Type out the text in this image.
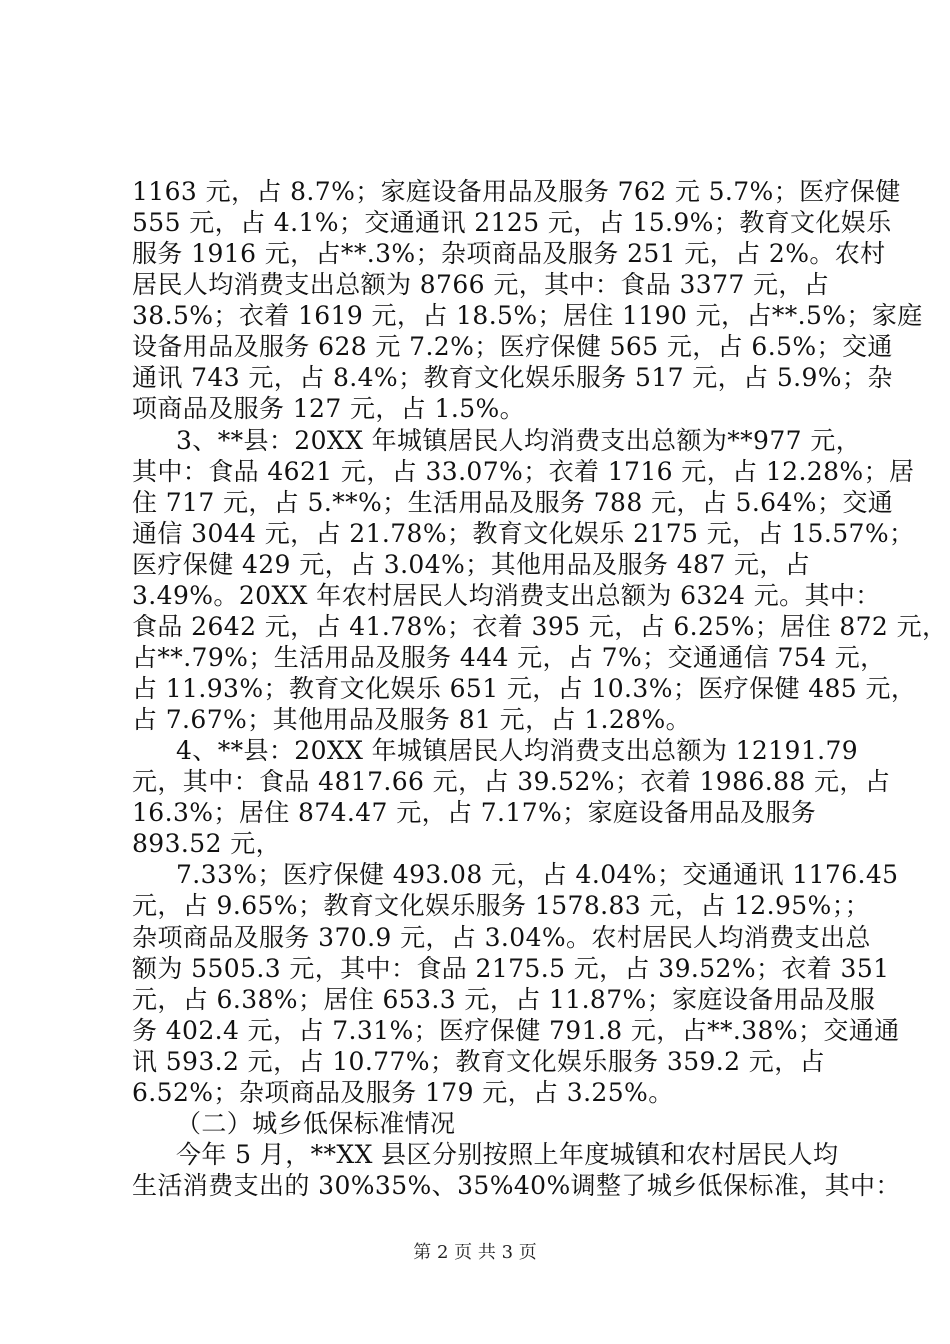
1163 元，占 8.7%；家庭设备用品及服务 762 元 5.7%；医疗保健
555 元，占 4.1%；交通通讯 2125 元，占 15.9%；教育文化娱乐
服务 1916 元，占**.3%；杂项商品及服务 251 元，占 2%。农村
居民人均消费支出总额为 8766 元，其中：食品 3377 元，占
38.5%；衣着 1619 元，占 18.5%；居住 1190 元，占**.5%；家庭
设备用品及服务 628 元 7.2%；医疗保健 565 元，占 6.5%；交通
通讯 743 元，占 8.4%；教育文化娱乐服务 517 元，占 5.9%；杂
项商品及服务 127 元，占 1.5%。
3、**县：20XX 年城镇居民人均消费支出总额为**977 元，
其中：食品 4621 元，占 33.07%；衣着 1716 元，占 12.28%；居
住 717 元，占 5.**%；生活用品及服务 788 元，占 5.64%；交通
通信 3044 元，占 21.78%；教育文化娱乐 2175 元，占 15.57%；
医疗保健 429 元，占 3.04%；其他用品及服务 487 元，占
3.49%。20XX 年农村居民人均消费支出总额为 6324 元。其中：
食品 2642 元，占 41.78%；衣着 395 元，占 6.25%；居住 872 元，
占**.79%；生活用品及服务 444 元，占 7%；交通通信 754 元，
占 11.93%；教育文化娱乐 651 元，占 10.3%；医疗保健 485 元，
占 7.67%；其他用品及服务 81 元，占 1.28%。
4、**县：20XX 年城镇居民人均消费支出总额为 12191.79
元，其中：食品 4817.66 元，占 39.52%；衣着 1986.88 元，占
16.3%；居住 874.47 元，占 7.17%；家庭设备用品及服务
893.52 元，
7.33%；医疗保健 493.08 元，占 4.04%；交通通讯 1176.45
元，占 9.65%；教育文化娱乐服务 1578.83 元，占 12.95%；；
杂项商品及服务 370.9 元，占 3.04%。农村居民人均消费支出总
额为 5505.3 元，其中：食品 2175.5 元，占 39.52%；衣着 351
元，占 6.38%；居住 653.3 元，占 11.87%；家庭设备用品及服
务 402.4 元，占 7.31%；医疗保健 791.8 元，占**.38%；交通通
讯 593.2 元，占 10.77%；教育文化娱乐服务 359.2 元，占
6.52%；杂项商品及服务 179 元，占 3.25%。
（二）城乡低保标准情况
今年 5 月，**XX 县区分别按照上年度城镇和农村居民人均
生活消费支出的 30%35%、35%40%调整了城乡低保标准，其中：
第 2 页 共 3 页
